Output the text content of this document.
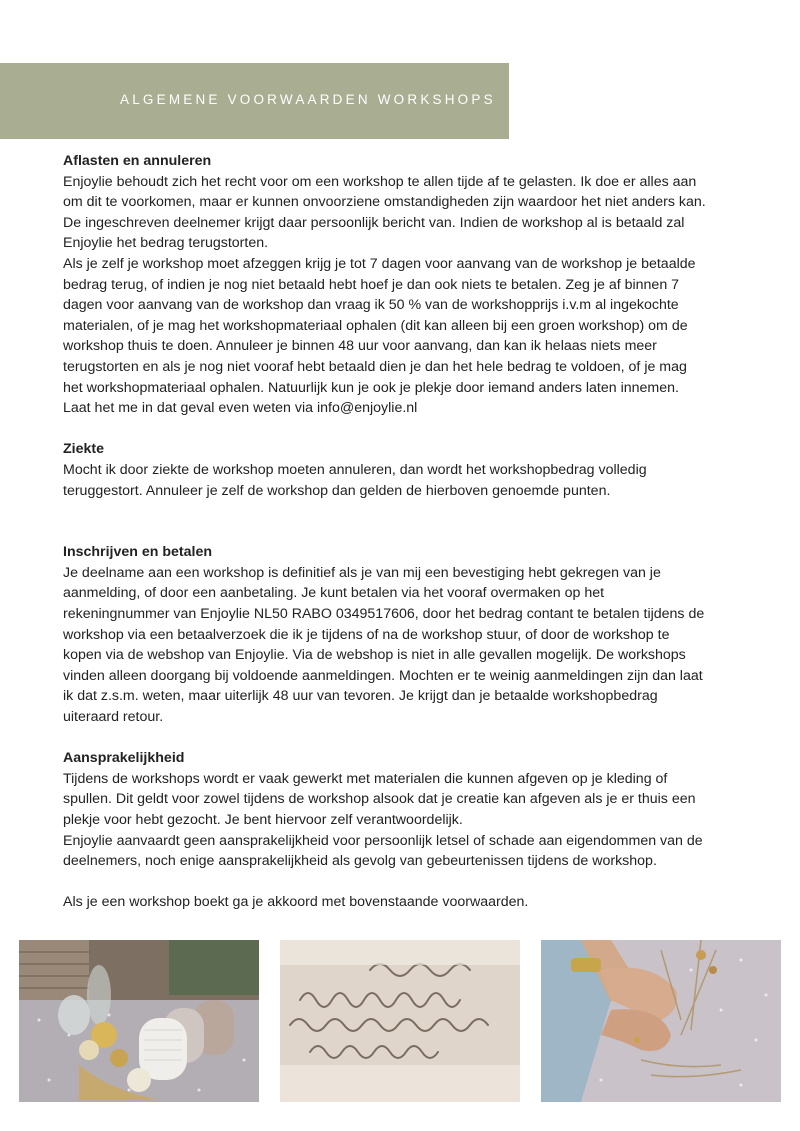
ALGEMENE VOORWAARDEN WORKSHOPS
Aflasten en annuleren

Enjoylie behoudt zich het recht voor om een workshop te allen tijde af te gelasten. Ik doe er alles aan om dit te voorkomen, maar er kunnen onvoorziene omstandigheden zijn waardoor het niet anders kan. De ingeschreven deelnemer krijgt daar persoonlijk bericht van. Indien de workshop al is betaald zal Enjoylie het bedrag terugstorten.

Als je zelf je workshop moet afzeggen krijg je tot 7 dagen voor aanvang van de workshop je betaalde bedrag terug, of indien je nog niet betaald hebt hoef je dan ook niets te betalen. Zeg je af binnen 7 dagen voor aanvang van de workshop dan vraag ik 50 % van de workshopprijs i.v.m al ingekochte materialen, of je mag het workshopmateriaal ophalen (dit kan alleen bij een groen workshop) om de workshop thuis te doen. Annuleer je binnen 48 uur voor aanvang, dan kan ik helaas niets meer terugstorten en als je nog niet vooraf hebt betaald dien je dan het hele bedrag te voldoen, of je mag het workshopmateriaal ophalen. Natuurlijk kun je ook je plekje door iemand anders laten innemen. Laat het me in dat geval even weten via info@enjoylie.nl

Ziekte

Mocht ik door ziekte de workshop moeten annuleren, dan wordt het workshopbedrag volledig teruggestort. Annuleer je zelf de workshop dan gelden de hierboven genoemde punten.

Inschrijven en betalen

Je deelname aan een workshop is definitief als je van mij een bevestiging hebt gekregen van je aanmelding, of door een aanbetaling. Je kunt betalen via het vooraf overmaken op het rekeningnummer van Enjoylie NL50 RABO 0349517606, door het bedrag contant te betalen tijdens de workshop via een betaalverzoek die ik je tijdens of na de workshop stuur, of door de workshop te kopen via de webshop van Enjoylie. Via de webshop is niet in alle gevallen mogelijk. De workshops vinden alleen doorgang bij voldoende aanmeldingen. Mochten er te weinig aanmeldingen zijn dan laat ik dat z.s.m. weten, maar uiterlijk 48 uur van tevoren. Je krijgt dan je betaalde workshopbedrag uiteraard retour.

Aansprakelijkheid

Tijdens de workshops wordt er vaak gewerkt met materialen die kunnen afgeven op je kleding of spullen. Dit geldt voor zowel tijdens de workshop alsook dat je creatie kan afgeven als je er thuis een plekje voor hebt gezocht. Je bent hiervoor zelf verantwoordelijk.

Enjoylie aanvaardt geen aansprakelijkheid voor persoonlijk letsel of schade aan eigendommen van de deelnemers, noch enige aansprakelijkheid als gevolg van gebeurtenissen tijdens de workshop.

Als je een workshop boekt ga je akkoord met bovenstaande voorwaarden.
